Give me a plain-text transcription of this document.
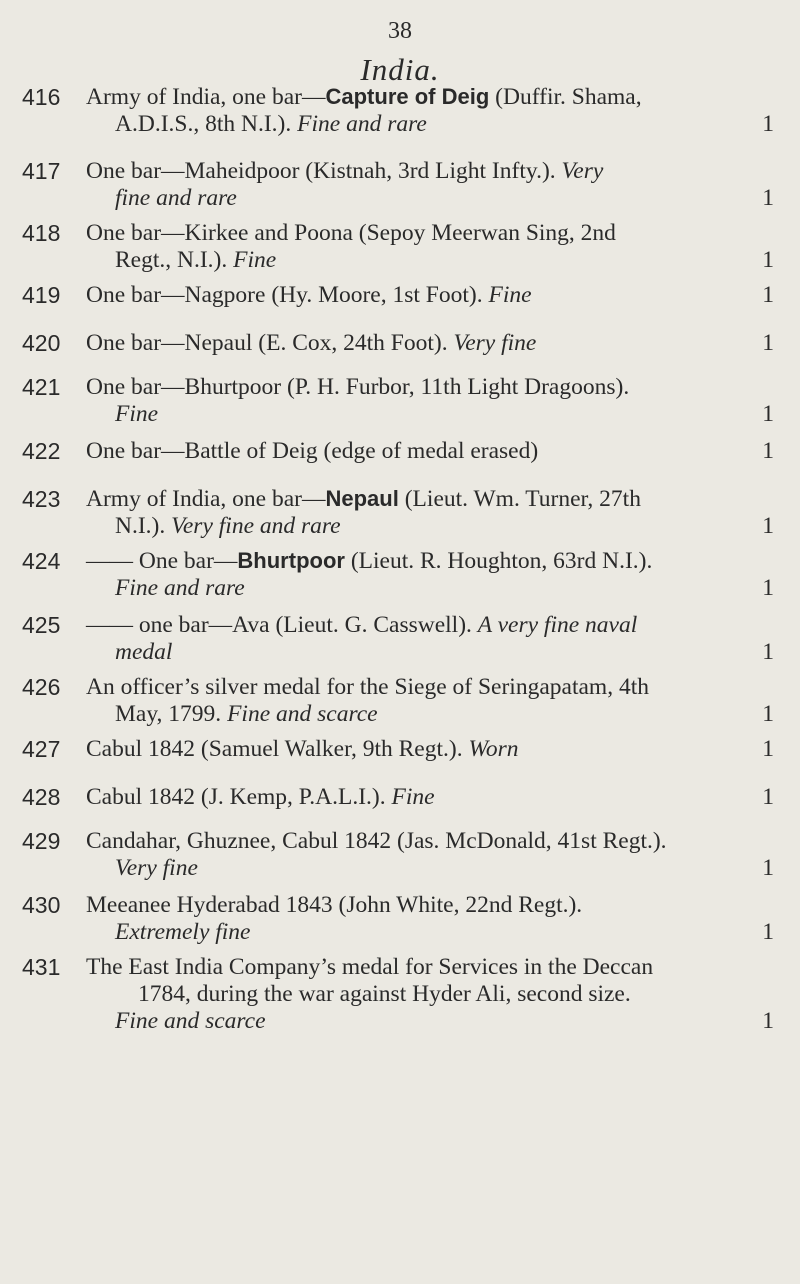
38
India.
416 Army of India, one bar—Capture of Deig (Duffir. Shama,
A.D.I.S., 8th N.I.). Fine and rare	1
417 One bar—Maheidpoor (Kistnah, 3rd Light Infty.). Very
fine and rare	1
418 One bar—Kirkee and Poona (Sepoy Meerwan Sing, 2nd
Regt., N.I.). Fine	1
419 One bar—Nagpore (Hy. Moore, 1st Foot). Fine	1
420 One bar—Nepaul (E. Cox, 24th Foot). Very fine	1
421 One bar—Bhurtpoor (P. H. Furbor, 11th Light Dragoons).
Fine	1
422 One bar—Battle of Deig (edge of medal erased)	1
423 Army of India, one bar—Nepaul (Lieut. Wm. Turner, 27th
N.I.). Very fine and rare	1
424 —— One bar—Bhurtpoor (Lieut. R. Houghton, 63rd N.I.).
Fine and rare	1
425 —— one bar—Ava (Lieut. G. Casswell). A very fine naval
medal	1
426 An officer’s silver medal for the Siege of Seringapatam, 4th
May, 1799. Fine and scarce	1
427 Cabul 1842 (Samuel Walker, 9th Regt.). Worn	1
428 Cabul 1842 (J. Kemp, P.A.L.I.). Fine	1
429 Candahar, Ghuznee, Cabul 1842 (Jas. McDonald, 41st Regt.).
Very fine	1
430 Meeanee Hyderabad 1843 (John White, 22nd Regt.).
Extremely fine	1
431 The East India Company’s medal for Services in the Deccan
1784, during the war against Hyder Ali, second size.
Fine and scarce	1
